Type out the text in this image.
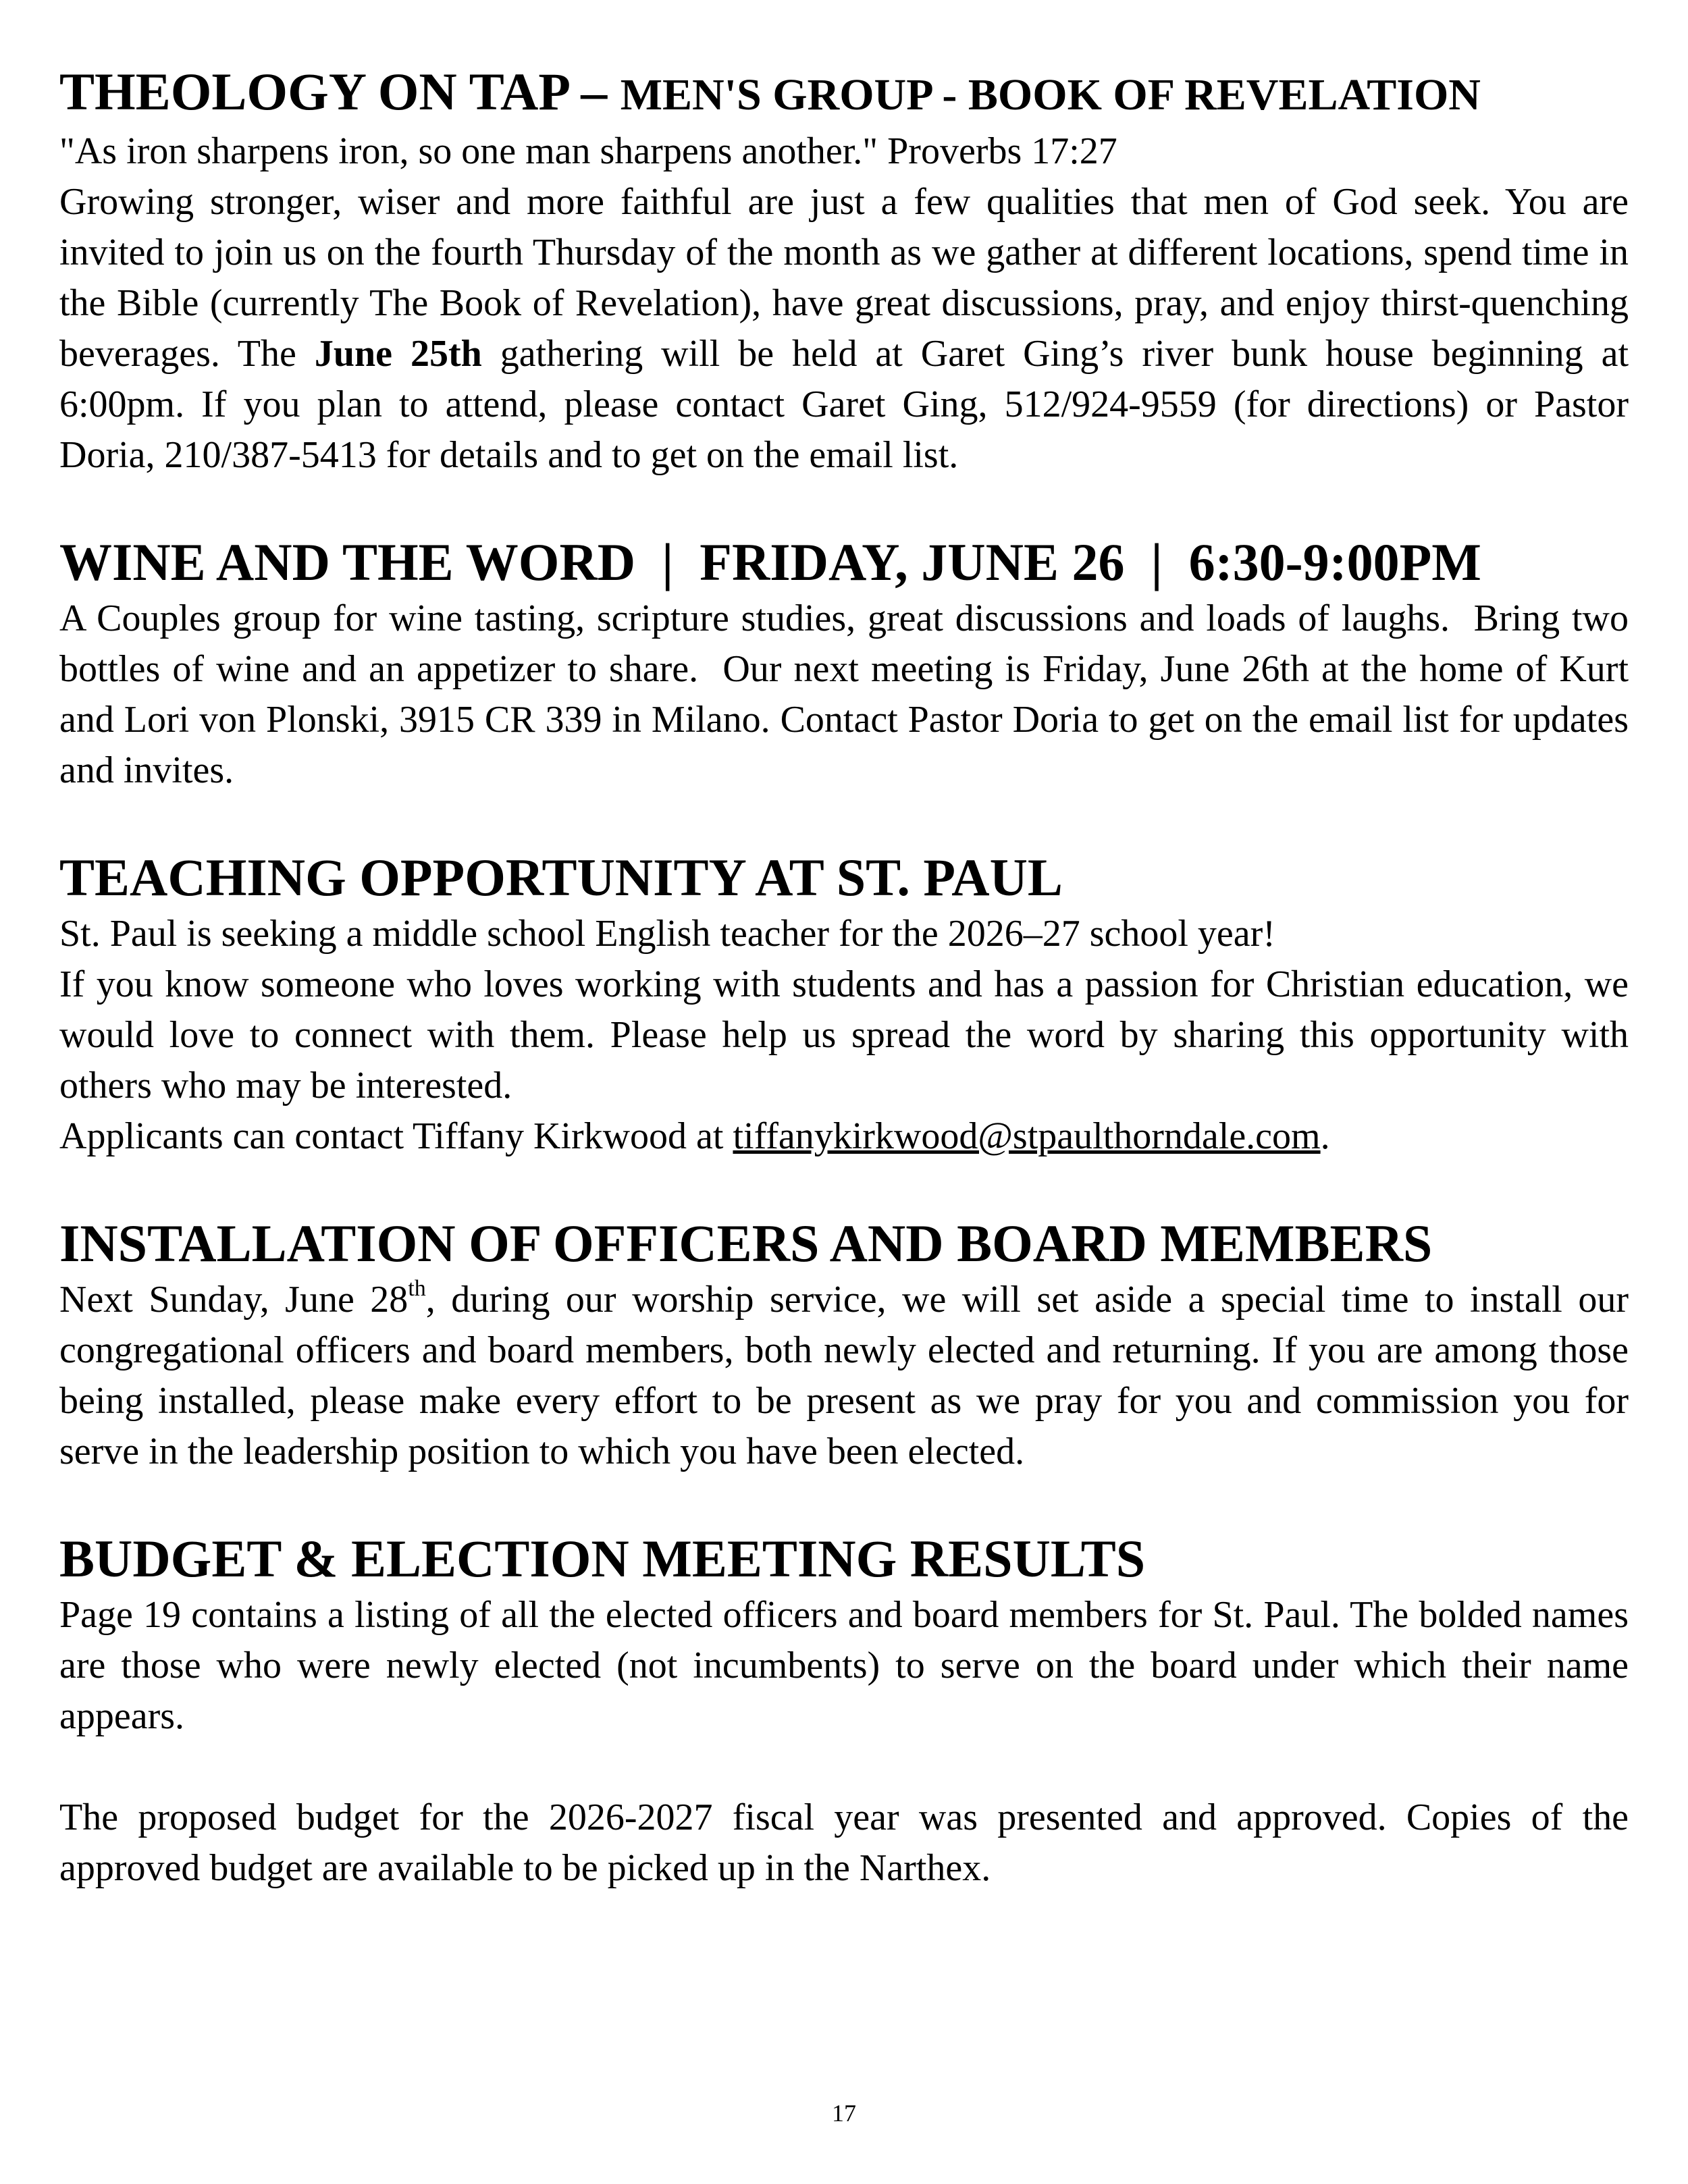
THEOLOGY ON TAP – MEN'S GROUP - BOOK OF REVELATION

"As iron sharpens iron, so one man sharpens another." Proverbs 17:27

Growing stronger, wiser and more faithful are just a few qualities that men of God seek. You are invited to join us on the fourth Thursday of the month as we gather at different locations, spend time in the Bible (currently The Book of Revelation), have great discussions, pray, and enjoy thirst-quenching beverages. The June 25th gathering will be held at Garet Ging’s river bunk house beginning at 6:00pm. If you plan to attend, please contact Garet Ging, 512/924-9559 (for directions) or Pastor Doria, 210/387-5413 for details and to get on the email list.

WINE AND THE WORD  |  FRIDAY, JUNE 26  |  6:30-9:00PM

A Couples group for wine tasting, scripture studies, great discussions and loads of laughs.  Bring two bottles of wine and an appetizer to share.  Our next meeting is Friday, June 26th at the home of Kurt and Lori von Plonski, 3915 CR 339 in Milano. Contact Pastor Doria to get on the email list for updates and invites.

TEACHING OPPORTUNITY AT ST. PAUL

St. Paul is seeking a middle school English teacher for the 2026–27 school year!

If you know someone who loves working with students and has a passion for Christian education, we would love to connect with them. Please help us spread the word by sharing this opportunity with others who may be interested.

Applicants can contact Tiffany Kirkwood at tiffanykirkwood@stpaulthorndale.com.

INSTALLATION OF OFFICERS AND BOARD MEMBERS

Next Sunday, June 28th, during our worship service, we will set aside a special time to install our congregational officers and board members, both newly elected and returning. If you are among those being installed, please make every effort to be present as we pray for you and commission you for serve in the leadership position to which you have been elected.

BUDGET & ELECTION MEETING RESULTS

Page 19 contains a listing of all the elected officers and board members for St. Paul. The bolded names are those who were newly elected (not incumbents) to serve on the board under which their name appears.

The proposed budget for the 2026-2027 fiscal year was presented and approved. Copies of the approved budget are available to be picked up in the Narthex.

17
